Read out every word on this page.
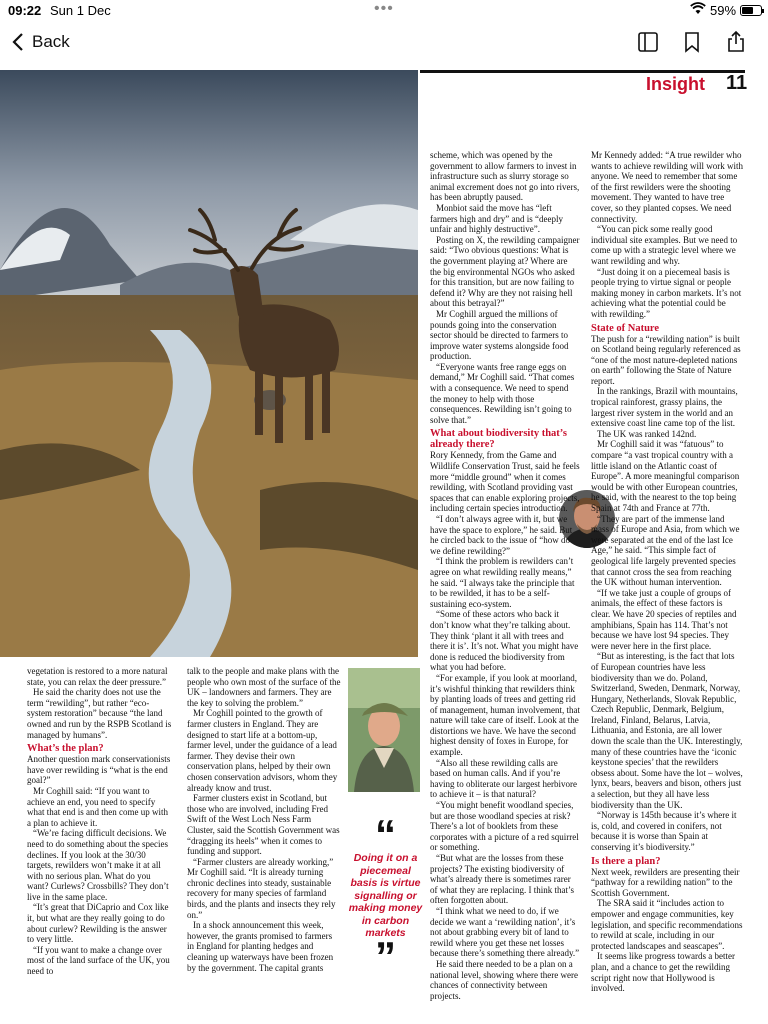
09:22 Sun 1 Dec	•••	59%
Back
Insight 11

vegetation is restored to a more natural state, you can relax the deer pressure.”

He said the charity does not use the term “rewilding”, but rather “eco-system restoration” because “the land owned and run by the RSPB Scotland is managed by humans”.

What’s the plan?

Another question mark conservationists have over rewilding is “what is the end goal?”

Mr Coghill said: “If you want to achieve an end, you need to specify what that end is and then come up with a plan to achieve it.

“We’re facing difficult decisions. We need to do something about the species declines. If you look at the 30/30 targets, rewilders won’t make it at all with no serious plan. What do you want? Curlews? Crossbills? They don’t live in the same place.

“It’s great that DiCaprio and Cox like it, but what are they really going to do about curlew? Rewilding is the answer to very little.

“If you want to make a change over most of the land surface of the UK, you need to

talk to the people and make plans with the people who own most of the surface of the UK – landowners and farmers. They are the key to solving the problem.”

Mr Coghill pointed to the growth of farmer clusters in England. They are designed to start life at a bottom-up, farmer level, under the guidance of a lead farmer. They devise their own conservation plans, helped by their own chosen conservation advisors, whom they already know and trust.

Farmer clusters exist in Scotland, but those who are involved, including Fred Swift of the West Loch Ness Farm Cluster, said the Scottish Government was “dragging its heels” when it comes to funding and support.

“Farmer clusters are already working,” Mr Coghill said. “It is already turning chronic declines into steady, sustainable recovery for many species of farmland birds, and the plants and insects they rely on.”

In a shock announcement this week, however, the grants promised to farmers in England for planting hedges and cleaning up waterways have been frozen by the government. The capital grants

“
Doing it on a piecemeal basis is virtue signalling or making money in carbon markets
”

scheme, which was opened by the government to allow farmers to invest in infrastructure such as slurry storage so animal excrement does not go into rivers, has been abruptly paused.

Monbiot said the move has “left farmers high and dry” and is “deeply unfair and highly destructive”.

Posting on X, the rewilding campaigner said: “Two obvious questions: What is the government playing at? Where are the big environmental NGOs who asked for this transition, but are now failing to defend it? Why are they not raising hell about this betrayal?”

Mr Coghill argued the millions of pounds going into the conservation sector should be directed to farmers to improve water systems alongside food production.

“Everyone wants free range eggs on demand,” Mr Coghill said. “That comes with a consequence. We need to spend the money to help with those consequences. Rewilding isn’t going to solve that.”

What about biodiversity that’s already there?

Rory Kennedy, from the Game and Wildlife Conservation Trust, said he feels more “middle ground” when it comes rewilding, with Scotland providing vast spaces that can enable exploring projects, including certain species introduction.

“I don’t always agree with it, but we have the space to explore,” he said. But he circled back to the issue of “how do we define rewilding?”

“I think the problem is rewilders can’t agree on what rewilding really means,” he said. “I always take the principle that to be rewilded, it has to be a self-sustaining eco-system.

“Some of these actors who back it don’t know what they’re talking about. They think ‘plant it all with trees and there it is’. It’s not. What you might have done is reduced the biodiversity from what you had before.

“For example, if you look at moorland, it’s wishful thinking that rewilders think by planting loads of trees and getting rid of management, human involvement, that nature will take care of itself. Look at the distortions we have. We have the second highest density of foxes in Europe, for example.

“Also all these rewilding calls are based on human calls. And if you’re having to obliterate our largest herbivore to achieve it – is that natural?

“You might benefit woodland species, but are those woodland species at risk? There’s a lot of booklets from these corporates with a picture of a red squirrel or something.

“But what are the losses from these projects? The existing biodiversity of what’s already there is sometimes rarer of what they are replacing. I think that’s often forgotten about.

“I think what we need to do, if we decide we want a ‘rewilding nation’, it’s not about grabbing every bit of land to rewild where you get these net losses because there’s something there already.”

He said there needed to be a plan on a national level, showing where there were chances of connectivity between projects.

Mr Kennedy added: “A true rewilder who wants to achieve rewilding will work with anyone. We need to remember that some of the first rewilders were the shooting movement. They wanted to have tree cover, so they planted copses. We need connectivity.

“You can pick some really good individual site examples. But we need to come up with a strategic level where we want rewilding and why.

“Just doing it on a piecemeal basis is people trying to virtue signal or people making money in carbon markets. It’s not achieving what the potential could be with rewilding.”

State of Nature

The push for a “rewilding nation” is built on Scotland being regularly referenced as “one of the most nature-depleted nations on earth” following the State of Nature report.

In the rankings, Brazil with mountains, tropical rainforest, grassy plains, the largest river system in the world and an extensive coast line came top of the list.

The UK was ranked 142nd.

Mr Coghill said it was “fatuous” to compare “a vast tropical country with a little island on the Atlantic coast of Europe”. A more meaningful comparison would be with other European countries, he said, with the nearest to the top being Spain at 74th and France at 77th.

“They are part of the immense land mass of Europe and Asia, from which we were separated at the end of the last Ice Age,” he said. “This simple fact of geological life largely prevented species that cannot cross the sea from reaching the UK without human intervention.

“If we take just a couple of groups of animals, the effect of these factors is clear. We have 20 species of reptiles and amphibians, Spain has 114. That’s not because we have lost 94 species. They were never here in the first place.

“But as interesting, is the fact that lots of European countries have less biodiversity than we do. Poland, Switzerland, Sweden, Denmark, Norway, Hungary, Netherlands, Slovak Republic, Czech Republic, Denmark, Belgium, Ireland, Finland, Belarus, Latvia, Lithuania, and Estonia, are all lower down the scale than the UK. Interestingly, many of these countries have the ‘iconic keystone species’ that the rewilders obsess about. Some have the lot – wolves, lynx, bears, beavers and bison, others just a selection, but they all have less biodiversity than the UK.

“Norway is 145th because it’s where it is, cold, and covered in conifers, not because it is worse than Spain at conserving it’s biodiversity.”

Is there a plan?

Next week, rewilders are presenting their “pathway for a rewilding nation” to the Scottish Government.

The SRA said it “includes action to empower and engage communities, key legislation, and specific recommendations to rewild at scale, including in our protected landscapes and seascapes”.

It seems like progress towards a better plan, and a chance to get the rewilding script right now that Hollywood is involved.
